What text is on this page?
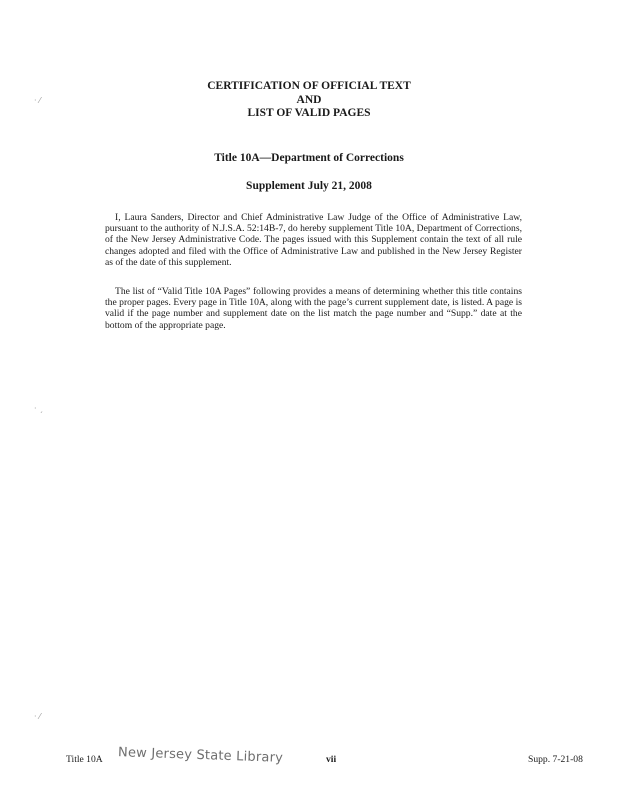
CERTIFICATION OF OFFICIAL TEXT
AND
LIST OF VALID PAGES
Title 10A—Department of Corrections
Supplement July 21, 2008

I, Laura Sanders, Director and Chief Administrative Law Judge of the Office of Administrative Law, pursuant to the authority of N.J.S.A. 52:14B-7, do hereby supplement Title 10A, Department of Corrections, of the New Jersey Administrative Code. The pages issued with this Supplement contain the text of all rule changes adopted and filed with the Office of Administrative Law and published in the New Jersey Register as of the date of this supplement.

The list of “Valid Title 10A Pages” following provides a means of determining whether this title contains the proper pages. Every page in Title 10A, along with the page’s current supplement date, is listed. A page is valid if the page number and supplement date on the list match the page number and “Supp.” date at the bottom of the appropriate page.

· ⁄
· ˏ
· ⁄
Title 10A New Jersey State Library	vii	Supp. 7-21-08
